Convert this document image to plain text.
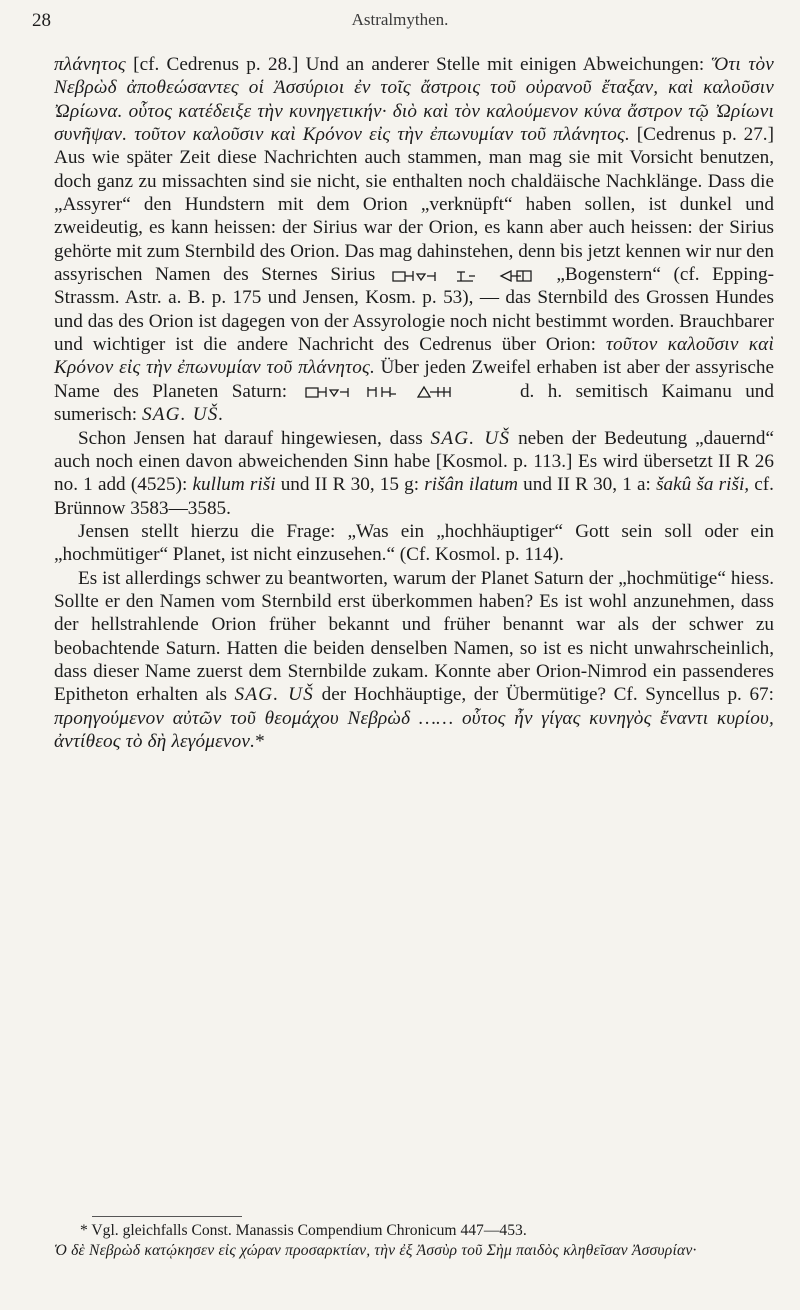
28	Astralmythen.

πλάνητος [cf. Cedrenus p. 28.] Und an anderer Stelle mit einigen Abweichungen: Ὅτι τὸν Νεβρὼδ ἀποθεώσαντες οἱ Ἀσσύριοι ἐν τοῖς ἄστροις τοῦ οὐρανοῦ ἔταξαν, καὶ καλοῦσιν Ὠρίωνα. οὗτος κατέδειξε τὴν κυνηγετικήν· διὸ καὶ τὸν καλούμενον κύνα ἄστρον τῷ Ὠρίωνι συνῆψαν. τοῦτον καλοῦσιν καὶ Κρόνον εἰς τὴν ἐπωνυμίαν τοῦ πλάνητος. [Cedrenus p. 27.] Aus wie später Zeit diese Nachrichten auch stammen, man mag sie mit Vorsicht benutzen, doch ganz zu missachten sind sie nicht, sie enthalten noch chaldäische Nachklänge. Dass die „Assyrer“ den Hundstern mit dem Orion „verknüpft“ haben sollen, ist dunkel und zweideutig, es kann heissen: der Sirius war der Orion, es kann aber auch heissen: der Sirius gehörte mit zum Sternbild des Orion. Das mag dahinstehen, denn bis jetzt kennen wir nur den assyrischen Namen des Sternes Sirius	„Bogenstern“ (cf. Epping-Strassm. Astr. a. B. p. 175 und Jensen, Kosm. p. 53), — das Sternbild des Grossen Hundes und das des Orion ist dagegen von der Assyrologie noch nicht bestimmt worden. Brauchbarer und wichtiger ist die andere Nachricht des Cedrenus über Orion: τοῦτον καλοῦσιν καὶ Κρόνον εἰς τὴν ἐπωνυμίαν τοῦ πλάνητος. Über jeden Zweifel erhaben ist aber der assyrische Name des Planeten Saturn:	d. h. semitisch Kaimanu und sumerisch: SAG. UŠ.

Schon Jensen hat darauf hingewiesen, dass SAG. UŠ neben der Bedeutung „dauernd“ auch noch einen davon abweichenden Sinn habe [Kosmol. p. 113.] Es wird übersetzt II R 26 no. 1 add (4525): kullum riši und II R 30, 15 g: rišân ilatum und II R 30, 1 a: šakû ša riši, cf. Brünnow 3583—3585.

Jensen stellt hierzu die Frage: „Was ein „hochhäuptiger“ Gott sein soll oder ein „hochmütiger“ Planet, ist nicht einzusehen.“ (Cf. Kosmol. p. 114).

Es ist allerdings schwer zu beantworten, warum der Planet Saturn der „hochmütige“ hiess. Sollte er den Namen vom Sternbild erst überkommen haben? Es ist wohl anzunehmen, dass der hellstrahlende Orion früher bekannt und früher benannt war als der schwer zu beobachtende Saturn. Hatten die beiden denselben Namen, so ist es nicht unwahrscheinlich, dass dieser Name zuerst dem Sternbilde zukam. Konnte aber Orion-Nimrod ein passenderes Epitheton erhalten als SAG. UŠ der Hochhäuptige, der Übermütige? Cf. Syncellus p. 67: προηγούμενον αὐτῶν τοῦ θεομάχου Νεβρὼδ …… οὗτος ἦν γίγας κυνηγὸς ἔναντι κυρίου, ἀντίθεος τὸ δὴ λεγόμενον.*

* Vgl. gleichfalls Const. Manassis Compendium Chronicum 447—453.

Ὁ δὲ Νεβρὼδ κατῴκησεν εἰς χώραν προσαρκτίαν, τὴν ἐξ Ἀσσὺρ τοῦ Σὴμ παιδὸς κληθεῖσαν Ἀσσυρίαν·
